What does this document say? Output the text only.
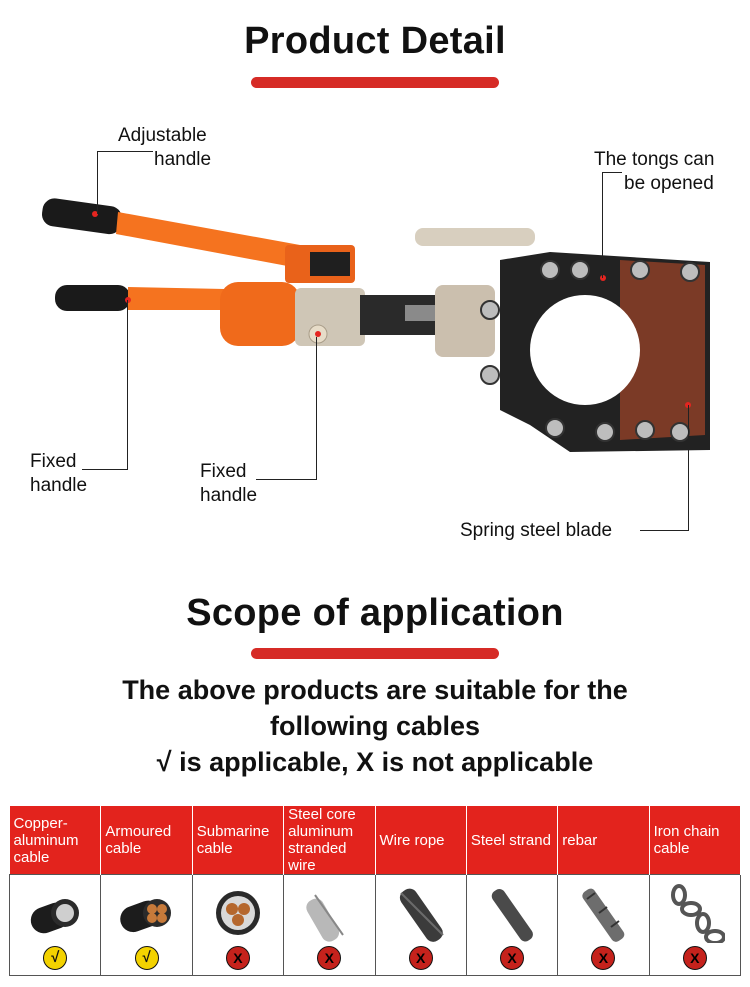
Product Detail
Adjustable
handle	The tongs can
be opened
Fixed
handle
Fixed
handle
Spring steel blade
Scope of application
The above products are suitable for the
following cables
√ is applicable, X is not applicable
Copper-aluminum cable	Armoured cable	Submarine cable	Steel core aluminum stranded wire	Wire rope	Steel strand	rebar	Iron chain cable

√	√	X	X	X	X	X	X
